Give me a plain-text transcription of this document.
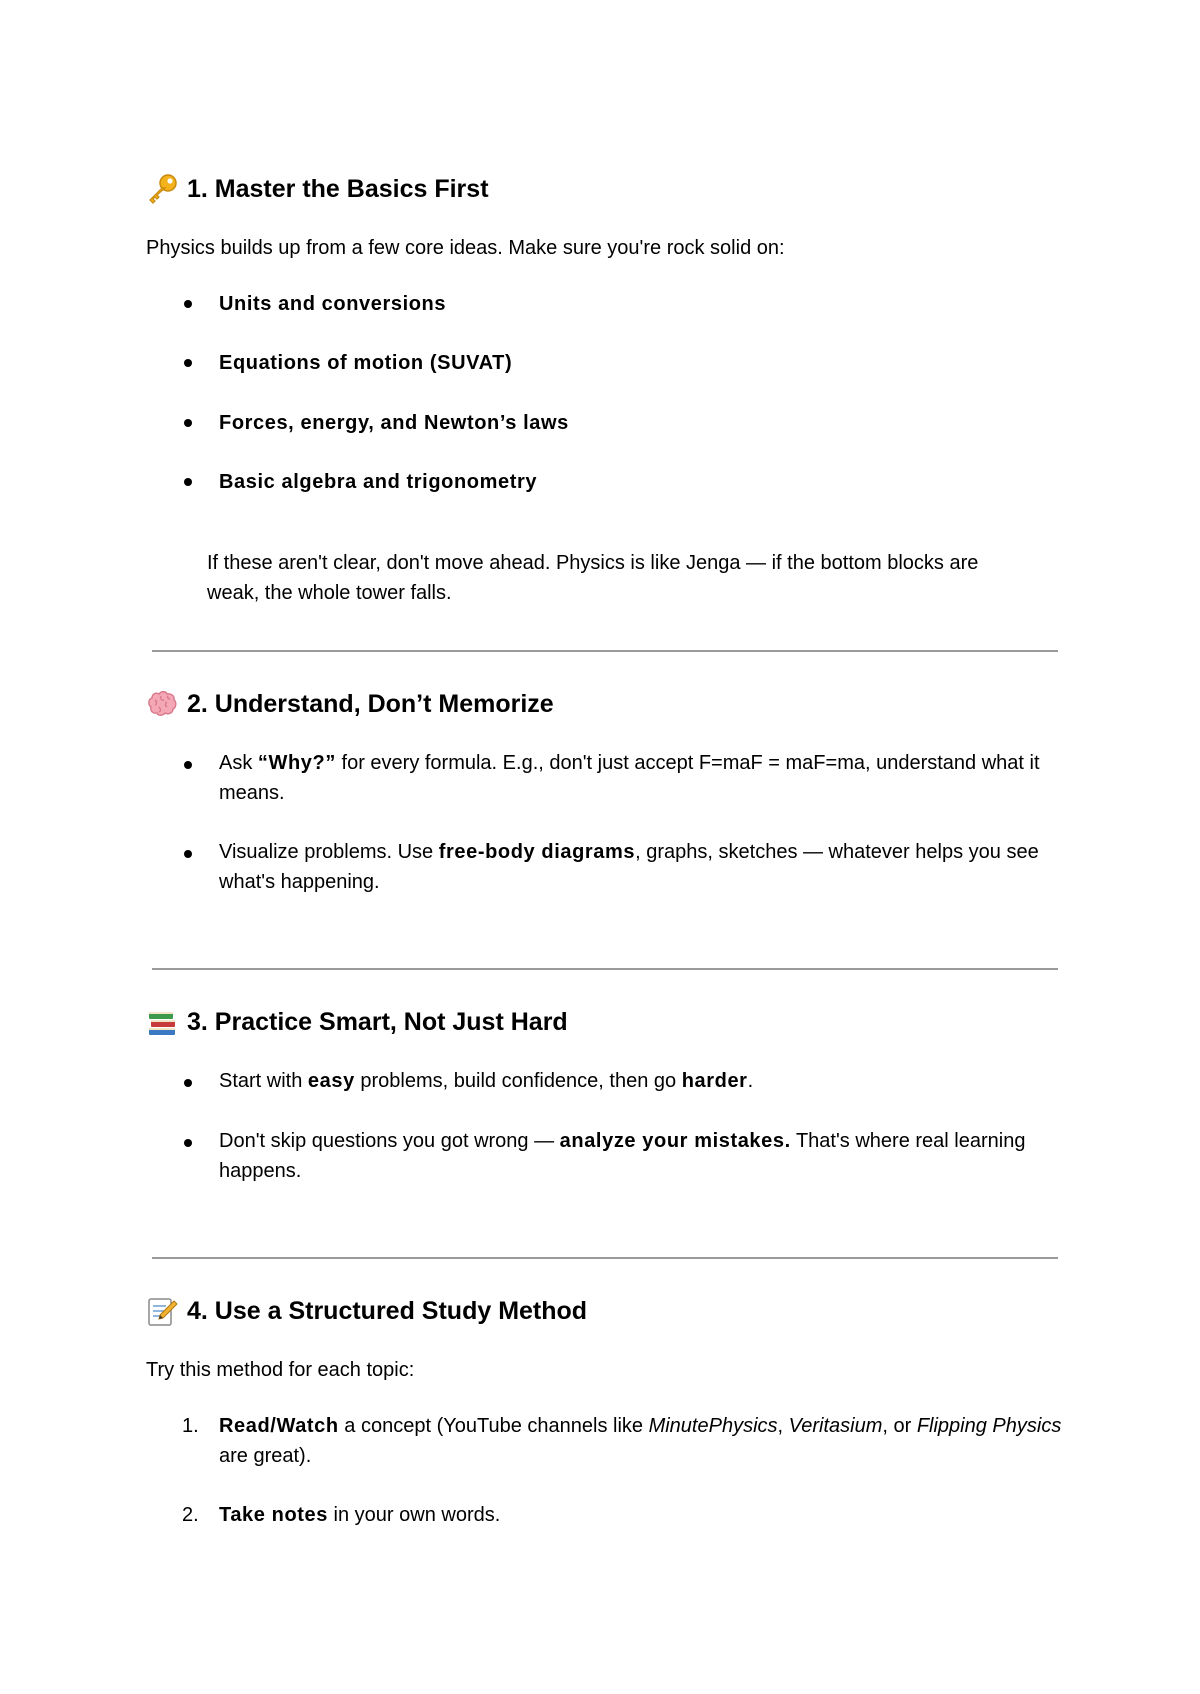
1. Master the Basics First

Physics builds up from a few core ideas. Make sure you're rock solid on:

Units and conversions

Equations of motion (SUVAT)

Forces, energy, and Newton’s laws

Basic algebra and trigonometry

If these aren't clear, don't move ahead. Physics is like Jenga — if the bottom blocks are weak, the whole tower falls.

2. Understand, Don’t Memorize

Ask “Why?” for every formula. E.g., don't just accept F=maF = maF=ma, understand what it means.

Visualize problems. Use free-body diagrams, graphs, sketches — whatever helps you see what's happening.

3. Practice Smart, Not Just Hard

Start with easy problems, build confidence, then go harder.

Don't skip questions you got wrong — analyze your mistakes. That's where real learning happens.

4. Use a Structured Study Method

Try this method for each topic:

1. Read/Watch a concept (YouTube channels like MinutePhysics, Veritasium, or Flipping Physics are great).

2. Take notes in your own words.
